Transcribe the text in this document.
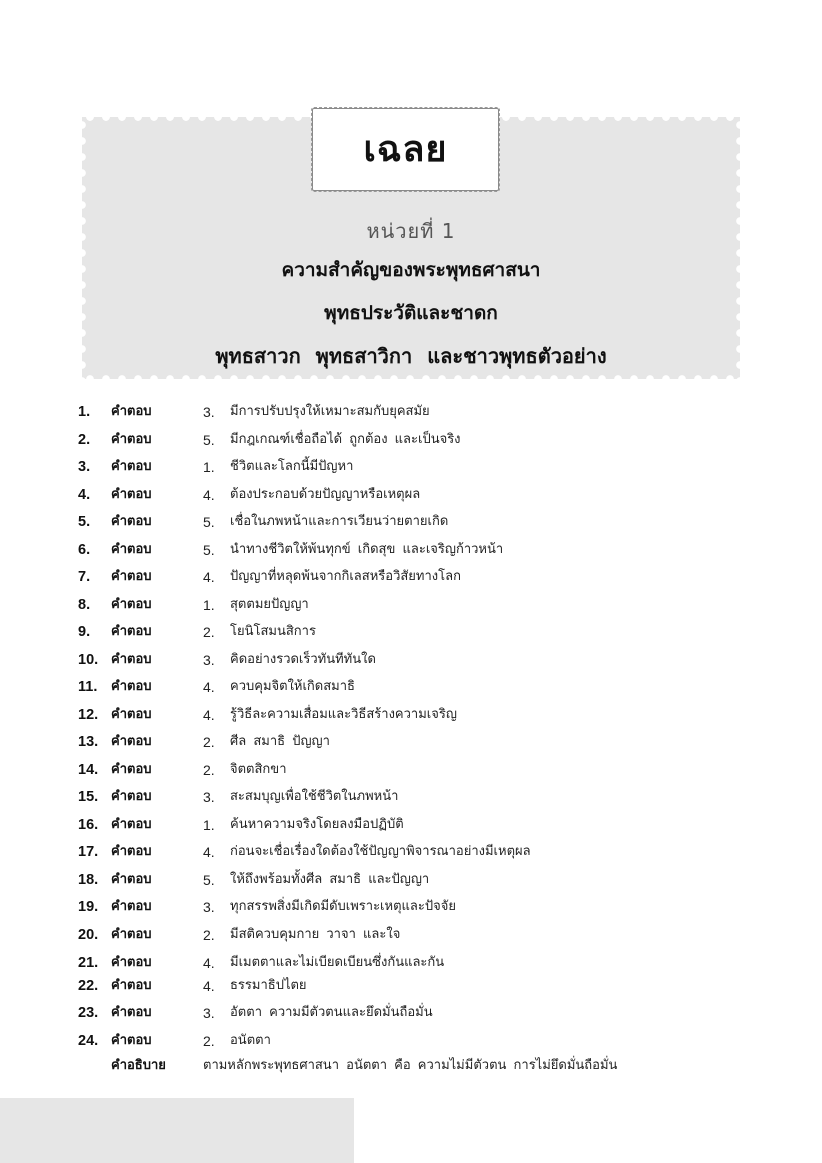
เฉลย
หน่วยที่ 1
ความสำคัญของพระพุทธศาสนา
พุทธประวัติและชาดก
พุทธสาวก พุทธสาวิกา และชาวพุทธตัวอย่าง
1. คำตอบ	3. มีการปรับปรุงให้เหมาะสมกับยุคสมัย
2. คำตอบ	5. มีกฎเกณฑ์เชื่อถือได้ ถูกต้อง และเป็นจริง
3. คำตอบ	1. ชีวิตและโลกนี้มีปัญหา
4. คำตอบ	4. ต้องประกอบด้วยปัญญาหรือเหตุผล
5. คำตอบ	5. เชื่อในภพหน้าและการเวียนว่ายตายเกิด
6. คำตอบ	5. นำทางชีวิตให้พ้นทุกข์ เกิดสุข และเจริญก้าวหน้า
7. คำตอบ	4. ปัญญาที่หลุดพ้นจากกิเลสหรือวิสัยทางโลก
8. คำตอบ	1. สุตตมยปัญญา
9. คำตอบ	2. โยนิโสมนสิการ
10. คำตอบ	3. คิดอย่างรวดเร็วทันทีทันใด
11. คำตอบ	4. ควบคุมจิตให้เกิดสมาธิ
12. คำตอบ	4. รู้วิธีละความเสื่อมและวิธีสร้างความเจริญ
13. คำตอบ	2. ศีล สมาธิ ปัญญา
14. คำตอบ	2. จิตตสิกขา
15. คำตอบ	3. สะสมบุญเพื่อใช้ชีวิตในภพหน้า
16. คำตอบ	1. ค้นหาความจริงโดยลงมือปฏิบัติ
17. คำตอบ	4. ก่อนจะเชื่อเรื่องใดต้องใช้ปัญญาพิจารณาอย่างมีเหตุผล
18. คำตอบ	5. ให้ถึงพร้อมทั้งศีล สมาธิ และปัญญา
19. คำตอบ	3. ทุกสรรพสิ่งมีเกิดมีดับเพราะเหตุและปัจจัย
20. คำตอบ	2. มีสติควบคุมกาย วาจา และใจ
21. คำตอบ	4. มีเมตตาและไม่เบียดเบียนซึ่งกันและกัน
22. คำตอบ	4. ธรรมาธิปไตย
23. คำตอบ	3. อัตตา ความมีตัวตนและยึดมั่นถือมั่น
24. คำตอบ	2. อนัตตา
คำอธิบาย	ตามหลักพระพุทธศาสนา อนัตตา คือ ความไม่มีตัวตน การไม่ยึดมั่นถือมั่น
